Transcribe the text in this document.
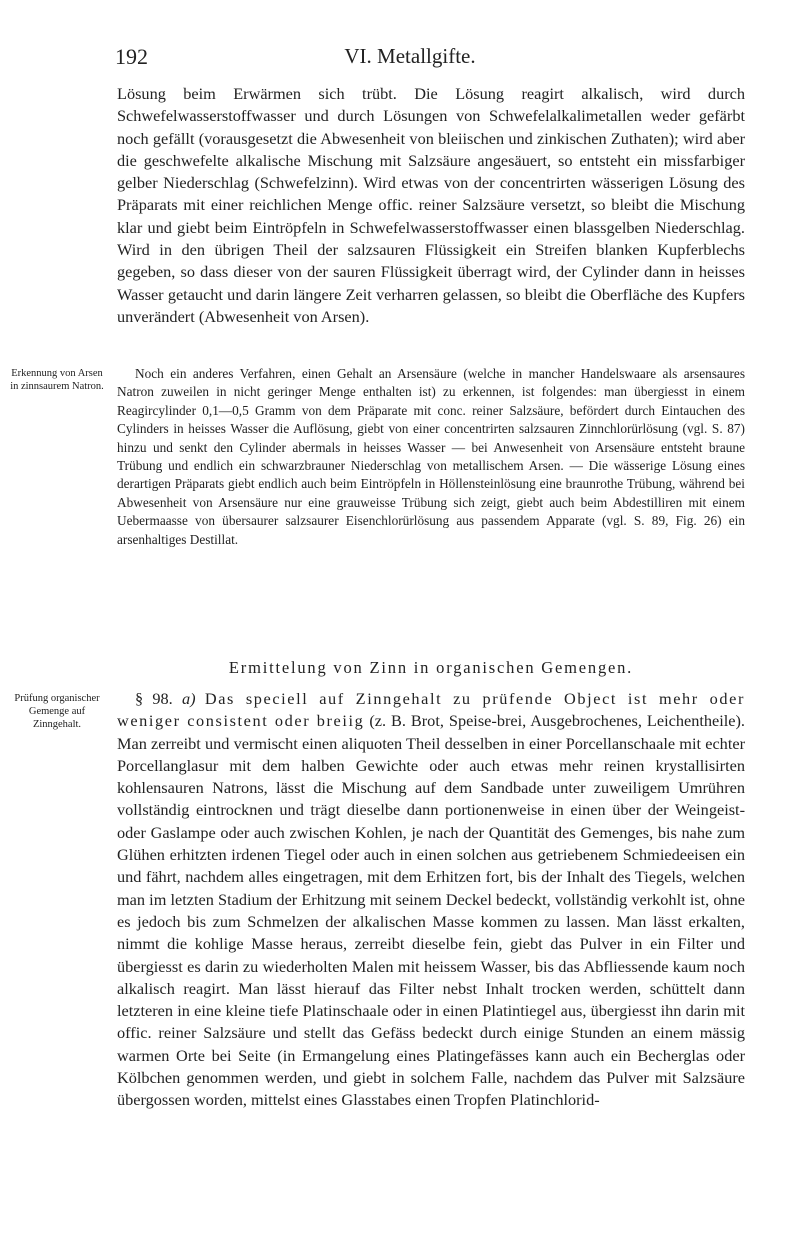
192	VI. Metallgifte.

Lösung beim Erwärmen sich trübt. Die Lösung reagirt alkalisch, wird durch Schwefelwasserstoffwasser und durch Lösungen von Schwefelalkalimetallen weder gefärbt noch gefällt (vorausgesetzt die Abwesenheit von bleiischen und zinkischen Zuthaten); wird aber die geschwefelte alkalische Mischung mit Salzsäure angesäuert, so entsteht ein missfarbiger gelber Niederschlag (Schwefelzinn). Wird etwas von der concentrirten wässerigen Lösung des Präparats mit einer reichlichen Menge offic. reiner Salzsäure versetzt, so bleibt die Mischung klar und giebt beim Eintröpfeln in Schwefelwasserstoffwasser einen blassgelben Niederschlag. Wird in den übrigen Theil der salzsauren Flüssigkeit ein Streifen blanken Kupferblechs gegeben, so dass dieser von der sauren Flüssigkeit überragt wird, der Cylinder dann in heisses Wasser getaucht und darin längere Zeit verharren gelassen, so bleibt die Oberfläche des Kupfers unverändert (Abwesenheit von Arsen).

Erkennung von Arsen in zinnsaurem Natron.

Noch ein anderes Verfahren, einen Gehalt an Arsensäure (welche in mancher Handelswaare als arsensaures Natron zuweilen in nicht geringer Menge enthalten ist) zu erkennen, ist folgendes: man übergiesst in einem Reagircylinder 0,1—0,5 Gramm von dem Präparate mit conc. reiner Salzsäure, befördert durch Eintauchen des Cylinders in heisses Wasser die Auflösung, giebt von einer concentrirten salzsauren Zinnchlorürlösung (vgl. S. 87) hinzu und senkt den Cylinder abermals in heisses Wasser — bei Anwesenheit von Arsensäure entsteht braune Trübung und endlich ein schwarzbrauner Niederschlag von metallischem Arsen. — Die wässerige Lösung eines derartigen Präparats giebt endlich auch beim Eintröpfeln in Höllensteinlösung eine braunrothe Trübung, während bei Abwesenheit von Arsensäure nur eine grauweisse Trübung sich zeigt, giebt auch beim Abdestilliren mit einem Uebermaasse von übersaurer salzsaurer Eisenchlorürlösung aus passendem Apparate (vgl. S. 89, Fig. 26) ein arsenhaltiges Destillat.

Ermittelung von Zinn in organischen Gemengen.

Prüfung organischer Gemenge auf Zinngehalt.

§ 98. a) Das speciell auf Zinngehalt zu prüfende Object ist mehr oder weniger consistent oder breiig (z. B. Brot, Speise-brei, Ausgebrochenes, Leichentheile). Man zerreibt und vermischt einen aliquoten Theil desselben in einer Porcellanschaale mit echter Porcellanglasur mit dem halben Gewichte oder auch etwas mehr reinen krystallisirten kohlensauren Natrons, lässt die Mischung auf dem Sandbade unter zuweiligem Umrühren vollständig eintrocknen und trägt dieselbe dann portionenweise in einen über der Weingeist- oder Gaslampe oder auch zwischen Kohlen, je nach der Quantität des Gemenges, bis nahe zum Glühen erhitzten irdenen Tiegel oder auch in einen solchen aus getriebenem Schmiedeeisen ein und fährt, nachdem alles eingetragen, mit dem Erhitzen fort, bis der Inhalt des Tiegels, welchen man im letzten Stadium der Erhitzung mit seinem Deckel bedeckt, vollständig verkohlt ist, ohne es jedoch bis zum Schmelzen der alkalischen Masse kommen zu lassen. Man lässt erkalten, nimmt die kohlige Masse heraus, zerreibt dieselbe fein, giebt das Pulver in ein Filter und übergiesst es darin zu wiederholten Malen mit heissem Wasser, bis das Abfliessende kaum noch alkalisch reagirt. Man lässt hierauf das Filter nebst Inhalt trocken werden, schüttelt dann letzteren in eine kleine tiefe Platinschaale oder in einen Platintiegel aus, übergiesst ihn darin mit offic. reiner Salzsäure und stellt das Gefäss bedeckt durch einige Stunden an einem mässig warmen Orte bei Seite (in Ermangelung eines Platingefässes kann auch ein Becherglas oder Kölbchen genommen werden, und giebt in solchem Falle, nachdem das Pulver mit Salzsäure übergossen worden, mittelst eines Glasstabes einen Tropfen Platinchlorid-
